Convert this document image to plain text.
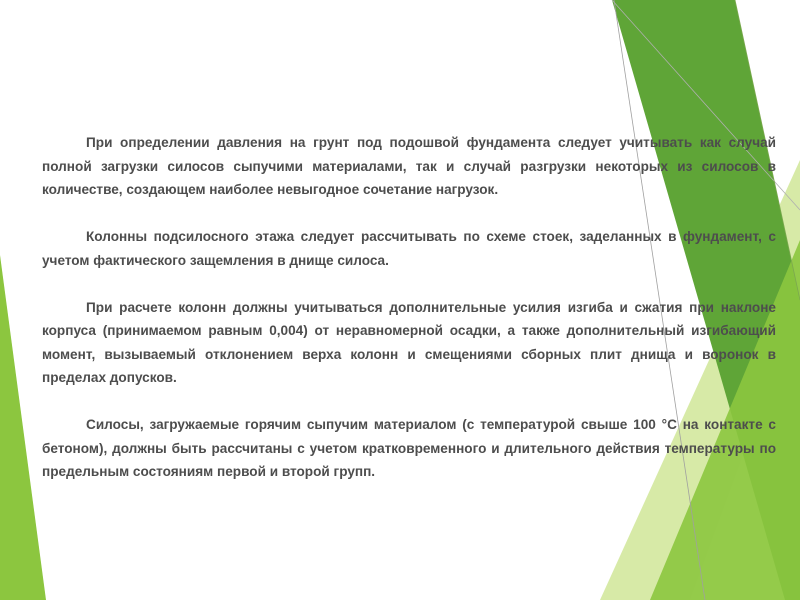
При определении давления на грунт под подошвой фундамента следует учитывать как случай полной загрузки силосов сыпучими материалами, так и случай разгрузки некоторых из силосов в количестве, создающем наиболее невыгодное сочетание нагрузок.

Колонны подсилосного этажа следует рассчитывать по схеме стоек, заделанных в фундамент, с учетом фактического защемления в днище силоса.

При расчете колонн должны учитываться дополнительные усилия изгиба и сжатия при наклоне корпуса (принимаемом равным 0,004) от неравномерной осадки, а также дополнительный изгибающий момент, вызываемый отклонением верха колонн и смещениями сборных плит днища и воронок в пределах допусков.

Силосы, загружаемые горячим сыпучим материалом (с температурой свыше 100 °С на контакте с бетоном), должны быть рассчитаны с учетом кратковременного и длительного действия температуры по предельным состояниям первой и второй групп.
